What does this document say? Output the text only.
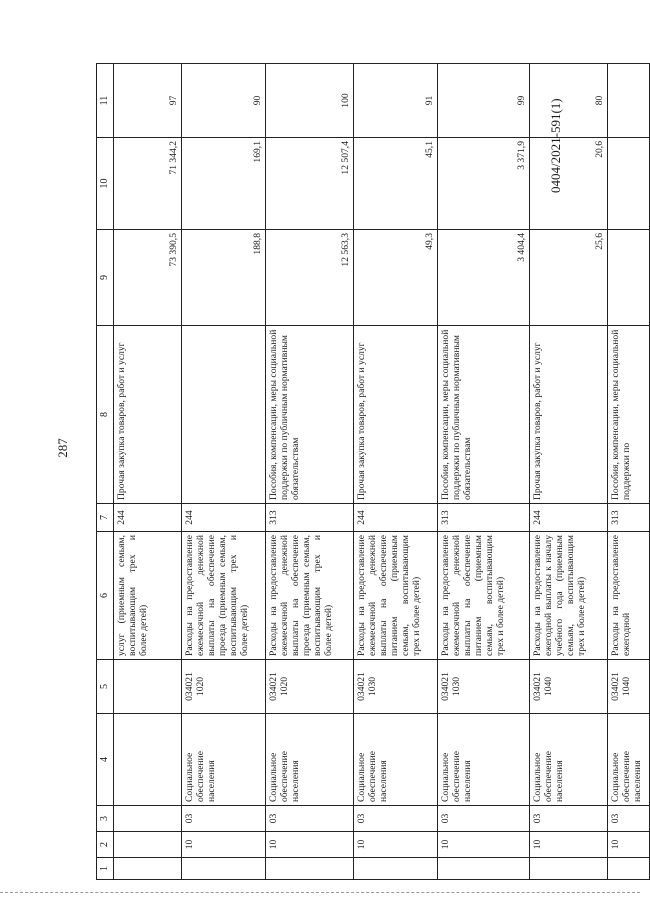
287
0404/2021-591(1)
1	2	3	4	5	6	7	8	9	10	11
					услуг (приемным семьям, воспитывающим трех и более детей)	244	Прочая закупка товаров, работ и услуг	73 390,5	71 344,2	97
	10	03	Социальное обеспечение населения	034021 1020	Расходы на предоставление ежемесячной денежной выплаты на обеспечение проезда (приемным семьям, воспитывающим трех и более детей)	244		188,8	169,1	90
	10	03	Социальное обеспечение населения	034021 1020	Расходы на предоставление ежемесячной денежной выплаты на обеспечение проезда (приемным семьям, воспитывающим трех и более детей)	313	Пособия, компенсации, меры социальной поддержки по публичным нормативным обязательствам	12 563,3	12 507,4	100
	10	03	Социальное обеспечение населения	034021 1030	Расходы на предоставление ежемесячной денежной выплаты на обеспечение питанием (приемным семьям, воспитывающим трех и более детей)	244	Прочая закупка товаров, работ и услуг	49,3	45,1	91
	10	03	Социальное обеспечение населения	034021 1030	Расходы на предоставление ежемесячной денежной выплаты на обеспечение питанием (приемным семьям, воспитывающим трех и более детей)	313	Пособия, компенсации, меры социальной поддержки по публичным нормативным обязательствам	3 404,4	3 371,9	99
	10	03	Социальное обеспечение населения	034021 1040	Расходы на предоставление ежегодной выплаты к началу учебного года (приемным семьям, воспитывающим трех и более детей)	244	Прочая закупка товаров, работ и услуг	25,6	20,6	80
	10	03	Социальное обеспечение населения	034021 1040	Расходы на предоставление ежегодной	313	Пособия, компенсации, меры социальной поддержки по			
